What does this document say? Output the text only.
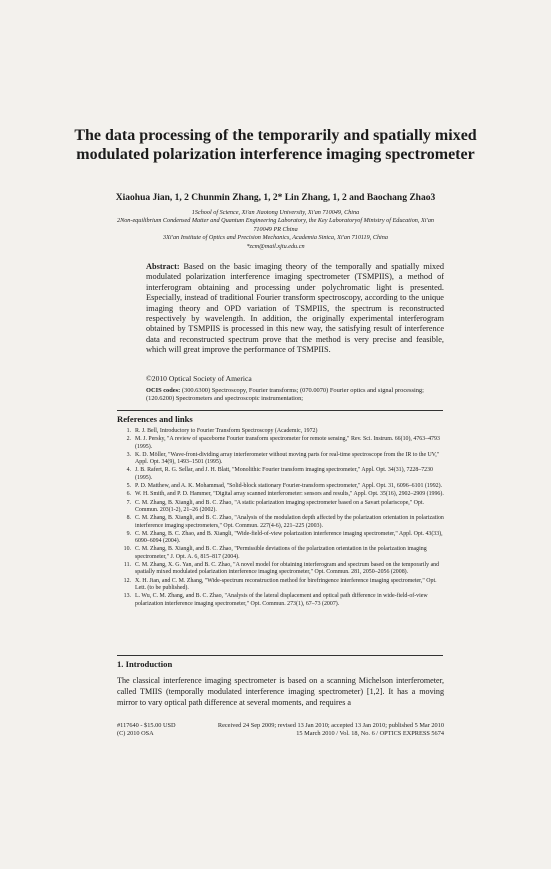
The data processing of the temporarily and spatially mixed modulated polarization interference imaging spectrometer
Xiaohua Jian, 1, 2 Chunmin Zhang, 1, 2* Lin Zhang, 1, 2 and Baochang Zhao3
1School of Science, Xi'an Jiaotong University, Xi'an 710049, China
2Non-equilibrium Condensed Matter and Quantum Engineering Laboratory, the Key Laboratoryof Ministry of Education, Xi'an 710049 PR China
3Xi'an Institute of Optics and Precision Mechanics, Academia Sinica, Xi'an 710119, China
*zcm@mail.xjtu.edu.cn
Abstract: Based on the basic imaging theory of the temporally and spatially mixed modulated polarization interference imaging spectrometer (TSMPIIS), a method of interferogram obtaining and processing under polychromatic light is presented. Especially, instead of traditional Fourier transform spectroscopy, according to the unique imaging theory and OPD variation of TSMPIIS, the spectrum is reconstructed respectively by wavelength. In addition, the originally experimental interferogram obtained by TSMPIIS is processed in this new way, the satisfying result of interference data and reconstructed spectrum prove that the method is very precise and feasible, which will great improve the performance of TSMPIIS.
©2010 Optical Society of America
OCIS codes: (300.6300) Spectroscopy, Fourier transforms; (070.0070) Fourier optics and signal processing; (120.6200) Spectrometers and spectroscopic instrumentation;
References and links
1. R. J. Bell, Introductory to Fourier Transform Spectroscopy (Academic, 1972)
2. M. J. Persky, "A review of spaceborne Fourier transform spectrometer for remote sensing," Rev. Sci. Instrum. 66(10), 4763–4793 (1995).
3. K. D. Möller, "Wave-front-dividing array interferometer without moving parts for real-time spectroscope from the IR to the UV," Appl. Opt. 34(9), 1493–1501 (1995).
4. J. B. Rafert, R. G. Sellar, and J. H. Blatt, "Monolithic Fourier transform imaging spectrometer," Appl. Opt. 34(31), 7228–7230 (1995).
5. P. D. Matthew, and A. K. Mohammad, "Solid-block stationary Fourier-transform spectrometer," Appl. Opt. 31, 6096–6101 (1992).
6. W. H. Smith, and P. D. Hammer, "Digital array scanned interferometer: sensors and results," Appl. Opt. 35(16), 2902–2909 (1996).
7. C. M. Zhang, B. Xiangli, and B. C. Zhao, "A static polarization imaging spectrometer based on a Savart polariscope," Opt. Commun. 203(1-2), 21–26 (2002).
8. C. M. Zhang, B. Xiangli, and B. C. Zhao, "Analysis of the modulation depth affected by the polarization orientation in polarization interference imaging spectrometers," Opt. Commun. 227(4-6), 221–225 (2003).
9. C. M. Zhang, B. C. Zhao, and B. Xiangli, "Wide-field-of-view polarization interference imaging spectrometer," Appl. Opt. 43(33), 6090–6094 (2004).
10. C. M. Zhang, B. Xiangli, and B. C. Zhao, "Permissible deviations of the polarization orientation in the polarization imaging spectrometer," J. Opt. A. 6, 815–817 (2004).
11. C. M. Zhang, X. G. Yan, and B. C. Zhao, "A novel model for obtaining interferogram and spectrum based on the temporarily and spatially mixed modulated polarization interference imaging spectrometer," Opt. Commun. 281, 2050–2056 (2008).
12. X. H. Jian, and C. M. Zhang, "Wide-spectrum reconstruction method for birefringence interference imaging spectrometer," Opt. Lett. (to be published).
13. L. Wu, C. M. Zhang, and B. C. Zhao, "Analysis of the lateral displacement and optical path difference in wide-field-of-view polarization interference imaging spectrometer," Opt. Commun. 273(1), 67–73 (2007).
1. Introduction
The classical interference imaging spectrometer is based on a scanning Michelson interferometer, called TMIIS (temporally modulated interference imaging spectrometer) [1,2]. It has a moving mirror to vary optical path difference at several moments, and requires a
#117640 - $15.00 USD	Received 24 Sep 2009; revised 13 Jan 2010; accepted 13 Jan 2010; published 5 Mar 2010
(C) 2010 OSA	15 March 2010 / Vol. 18, No. 6 / OPTICS EXPRESS 5674
